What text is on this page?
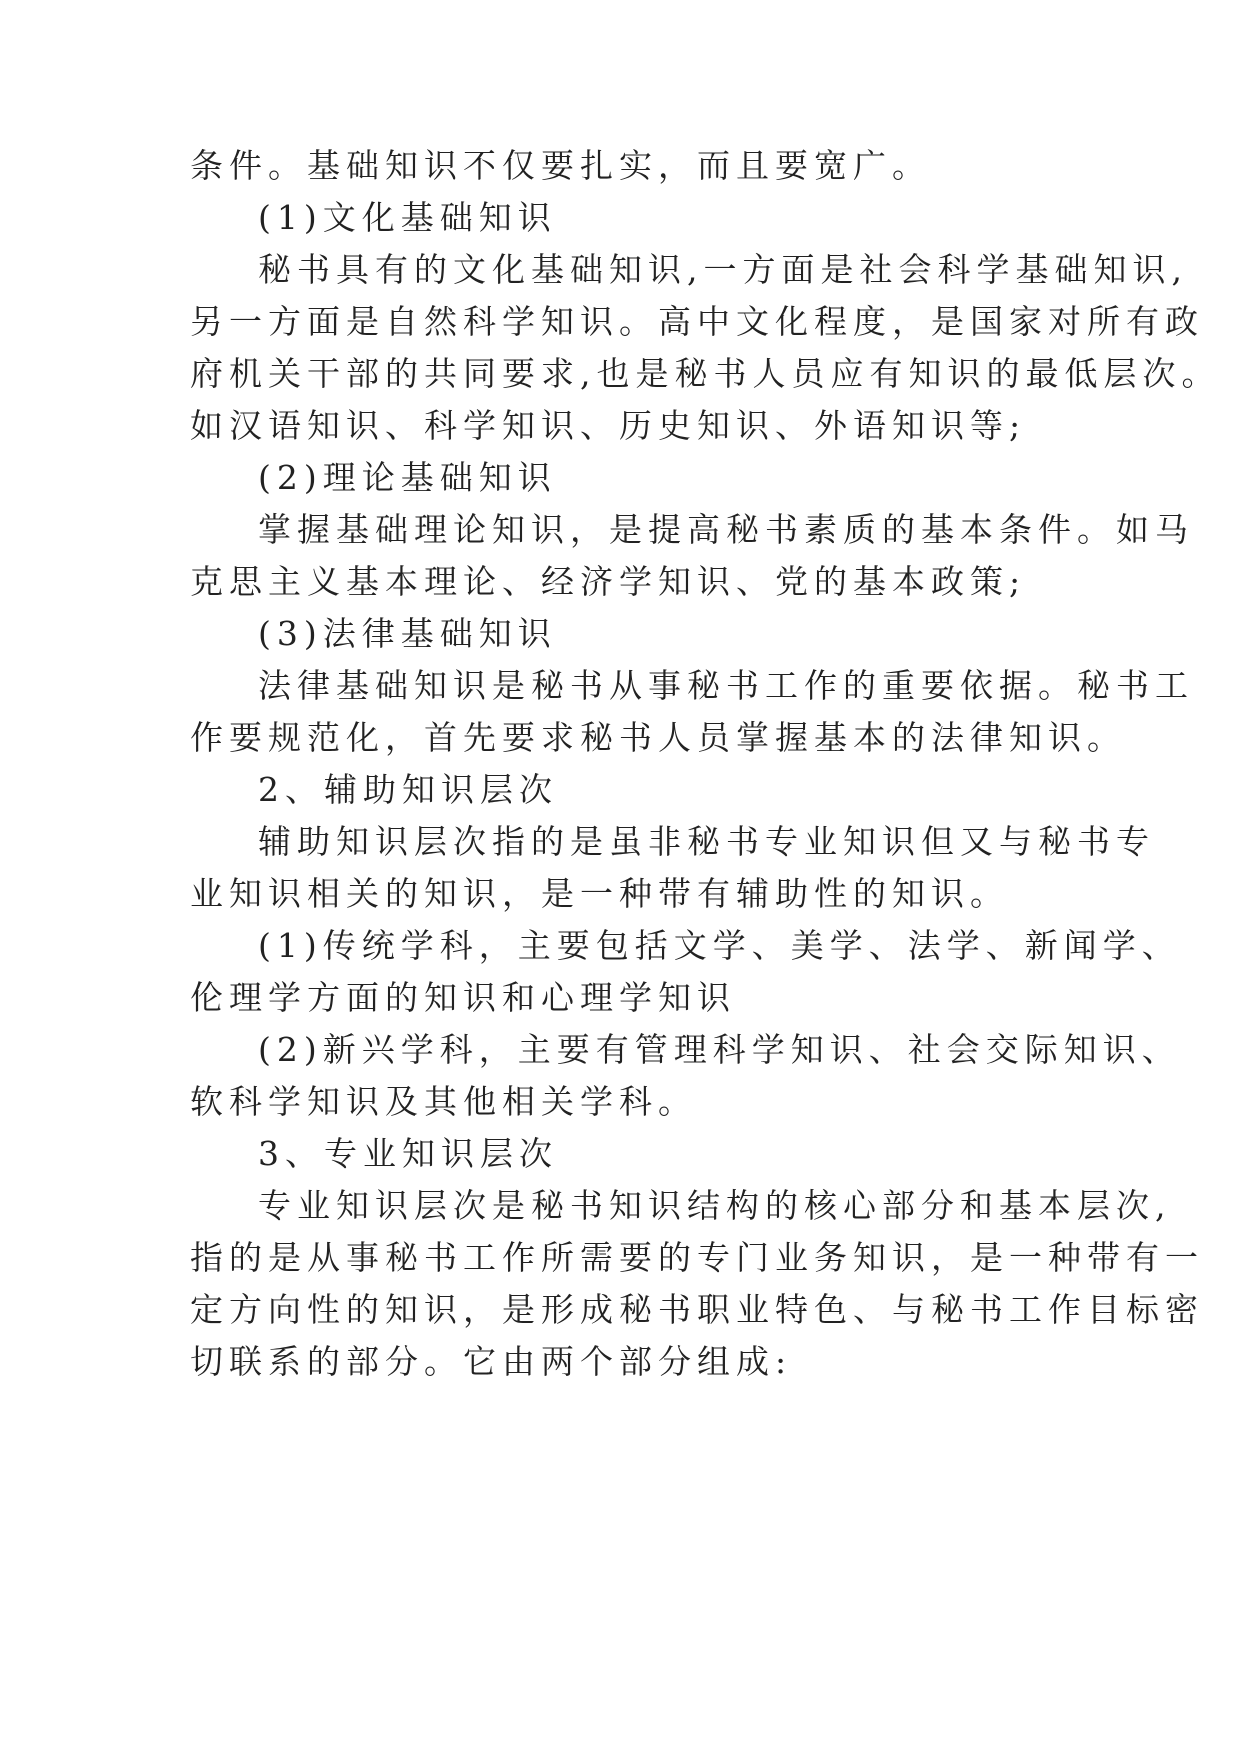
条件。基础知识不仅要扎实，而且要宽广。

(1)文化基础知识

秘书具有的文化基础知识,一方面是社会科学基础知识,

另一方面是自然科学知识。高中文化程度，是国家对所有政

府机关干部的共同要求,也是秘书人员应有知识的最低层次。

如汉语知识、科学知识、历史知识、外语知识等;

(2)理论基础知识

掌握基础理论知识，是提高秘书素质的基本条件。如马

克思主义基本理论、经济学知识、党的基本政策;

(3)法律基础知识

法律基础知识是秘书从事秘书工作的重要依据。秘书工

作要规范化，首先要求秘书人员掌握基本的法律知识。

2、辅助知识层次

辅助知识层次指的是虽非秘书专业知识但又与秘书专

业知识相关的知识，是一种带有辅助性的知识。

(1)传统学科，主要包括文学、美学、法学、新闻学、

伦理学方面的知识和心理学知识

(2)新兴学科，主要有管理科学知识、社会交际知识、

软科学知识及其他相关学科。

3、专业知识层次

专业知识层次是秘书知识结构的核心部分和基本层次,

指的是从事秘书工作所需要的专门业务知识，是一种带有一

定方向性的知识，是形成秘书职业特色、与秘书工作目标密

切联系的部分。它由两个部分组成:
